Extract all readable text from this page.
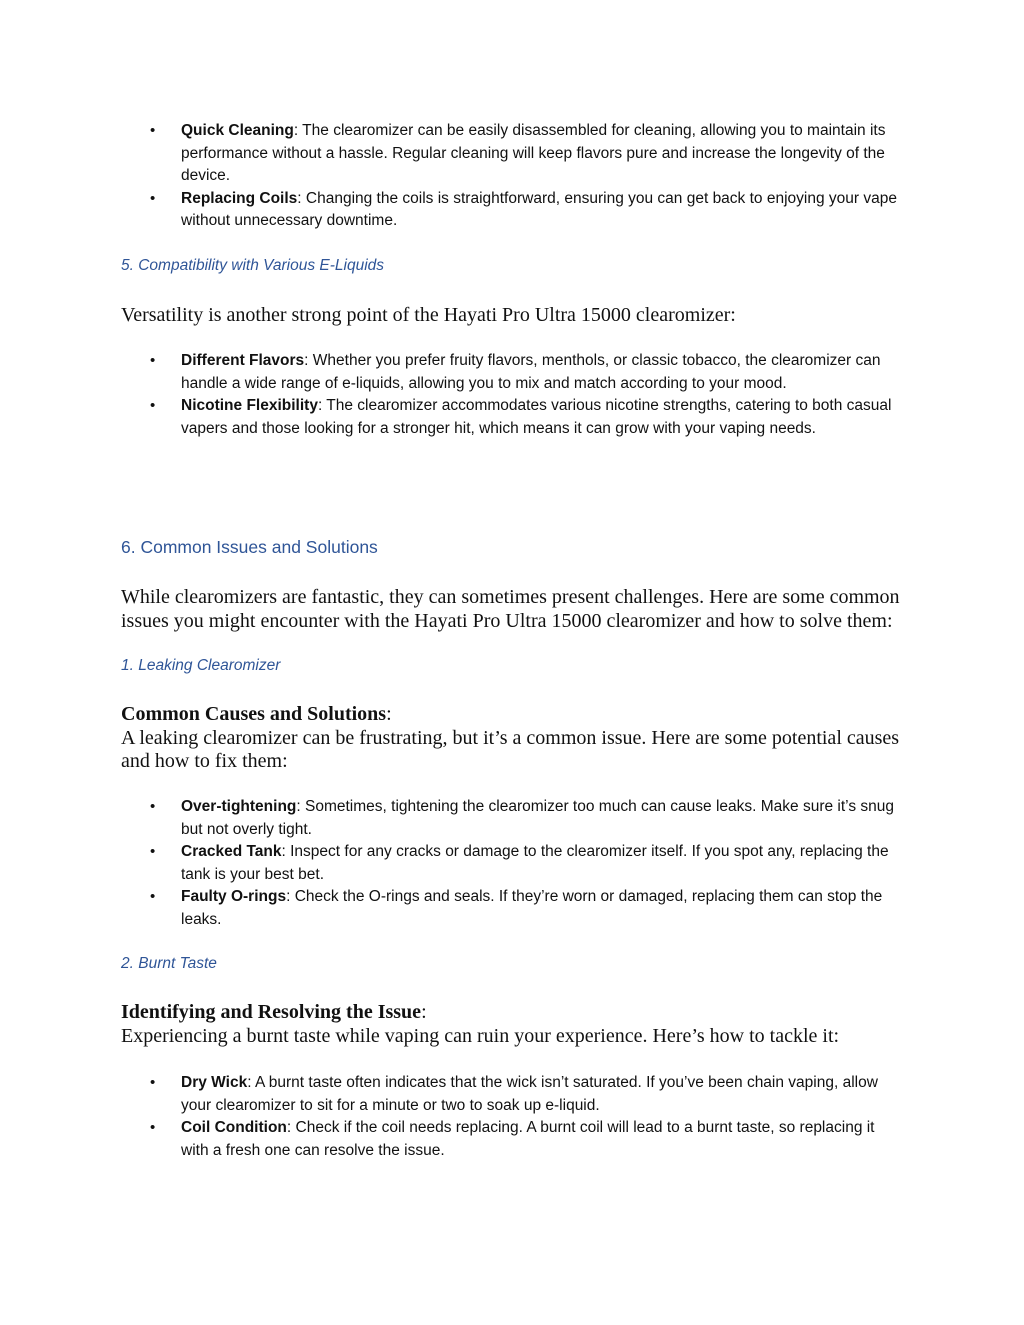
• Quick Cleaning: The clearomizer can be easily disassembled for cleaning, allowing you to maintain its performance without a hassle. Regular cleaning will keep flavors pure and increase the longevity of the device.
• Replacing Coils: Changing the coils is straightforward, ensuring you can get back to enjoying your vape without unnecessary downtime.
5. Compatibility with Various E-Liquids

Versatility is another strong point of the Hayati Pro Ultra 15000 clearomizer:

• Different Flavors: Whether you prefer fruity flavors, menthols, or classic tobacco, the clearomizer can handle a wide range of e-liquids, allowing you to mix and match according to your mood.
• Nicotine Flexibility: The clearomizer accommodates various nicotine strengths, catering to both casual vapers and those looking for a stronger hit, which means it can grow with your vaping needs.
6. Common Issues and Solutions

While clearomizers are fantastic, they can sometimes present challenges. Here are some common issues you might encounter with the Hayati Pro Ultra 15000 clearomizer and how to solve them:

1. Leaking Clearomizer

Common Causes and Solutions:
A leaking clearomizer can be frustrating, but it’s a common issue. Here are some potential causes and how to fix them:

• Over-tightening: Sometimes, tightening the clearomizer too much can cause leaks. Make sure it’s snug but not overly tight.
• Cracked Tank: Inspect for any cracks or damage to the clearomizer itself. If you spot any, replacing the tank is your best bet.
• Faulty O-rings: Check the O-rings and seals. If they’re worn or damaged, replacing them can stop the leaks.
2. Burnt Taste

Identifying and Resolving the Issue:
Experiencing a burnt taste while vaping can ruin your experience. Here’s how to tackle it:

• Dry Wick: A burnt taste often indicates that the wick isn’t saturated. If you’ve been chain vaping, allow your clearomizer to sit for a minute or two to soak up e-liquid.
• Coil Condition: Check if the coil needs replacing. A burnt coil will lead to a burnt taste, so replacing it with a fresh one can resolve the issue.
